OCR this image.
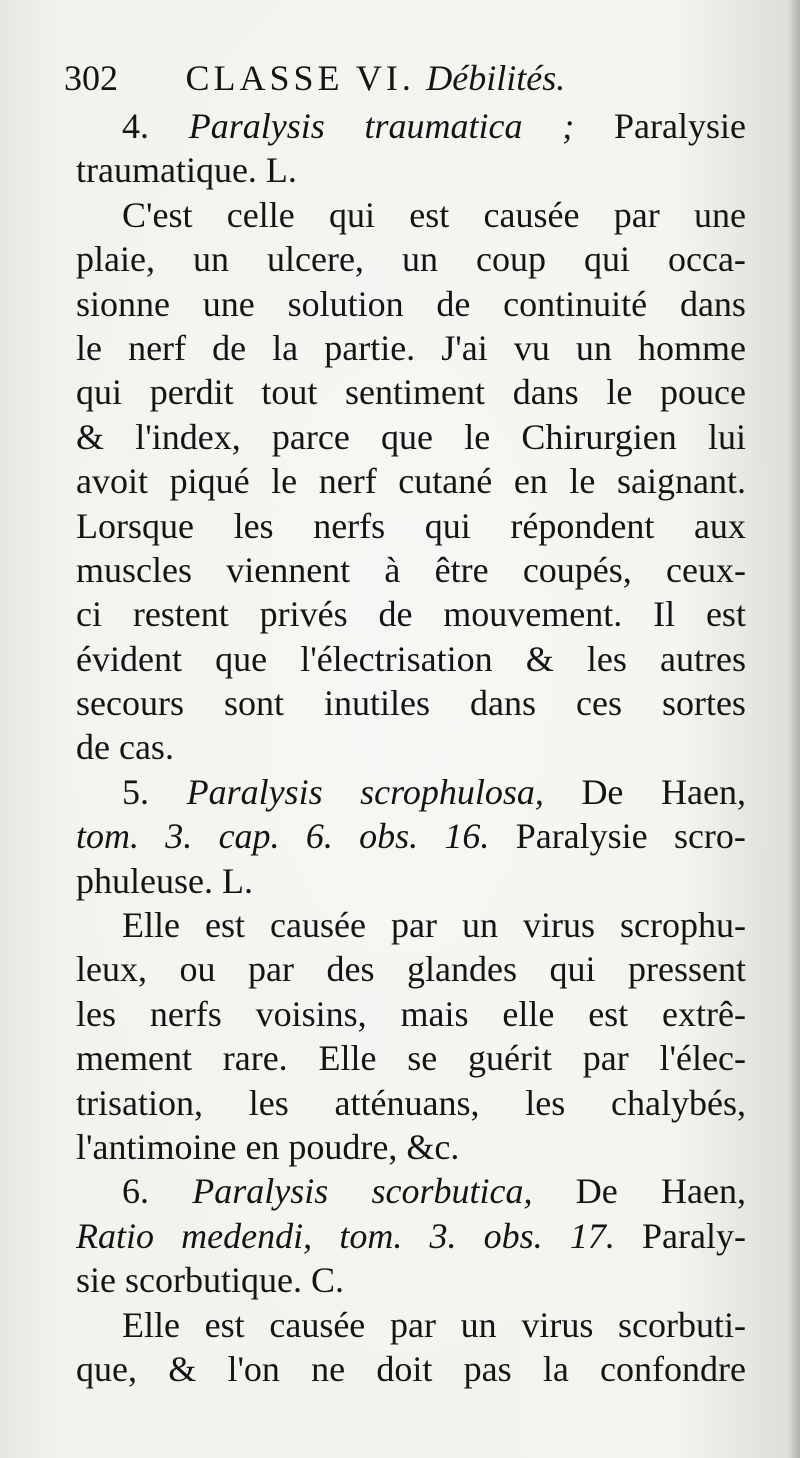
302 CLASSE VI. Débilités.
4. Paralysis traumatica ; Paralysie
traumatique. L.
C'est celle qui est causée par une
plaie, un ulcere, un coup qui occa-
sionne une solution de continuité dans
le nerf de la partie. J'ai vu un homme
qui perdit tout sentiment dans le pouce
& l'index, parce que le Chirurgien lui
avoit piqué le nerf cutané en le saignant.
Lorsque les nerfs qui répondent aux
muscles viennent à être coupés, ceux-
ci restent privés de mouvement. Il est
évident que l'électrisation & les autres
secours sont inutiles dans ces sortes
de cas.
5. Paralysis scrophulosa, De Haen,
tom. 3. cap. 6. obs. 16. Paralysie scro-
phuleuse. L.
Elle est causée par un virus scrophu-
leux, ou par des glandes qui pressent
les nerfs voisins, mais elle est extrê-
mement rare. Elle se guérit par l'élec-
trisation, les atténuans, les chalybés,
l'antimoine en poudre, &c.
6. Paralysis scorbutica, De Haen,
Ratio medendi, tom. 3. obs. 17. Paraly-
sie scorbutique. C.
Elle est causée par un virus scorbuti-
que, & l'on ne doit pas la confondre
